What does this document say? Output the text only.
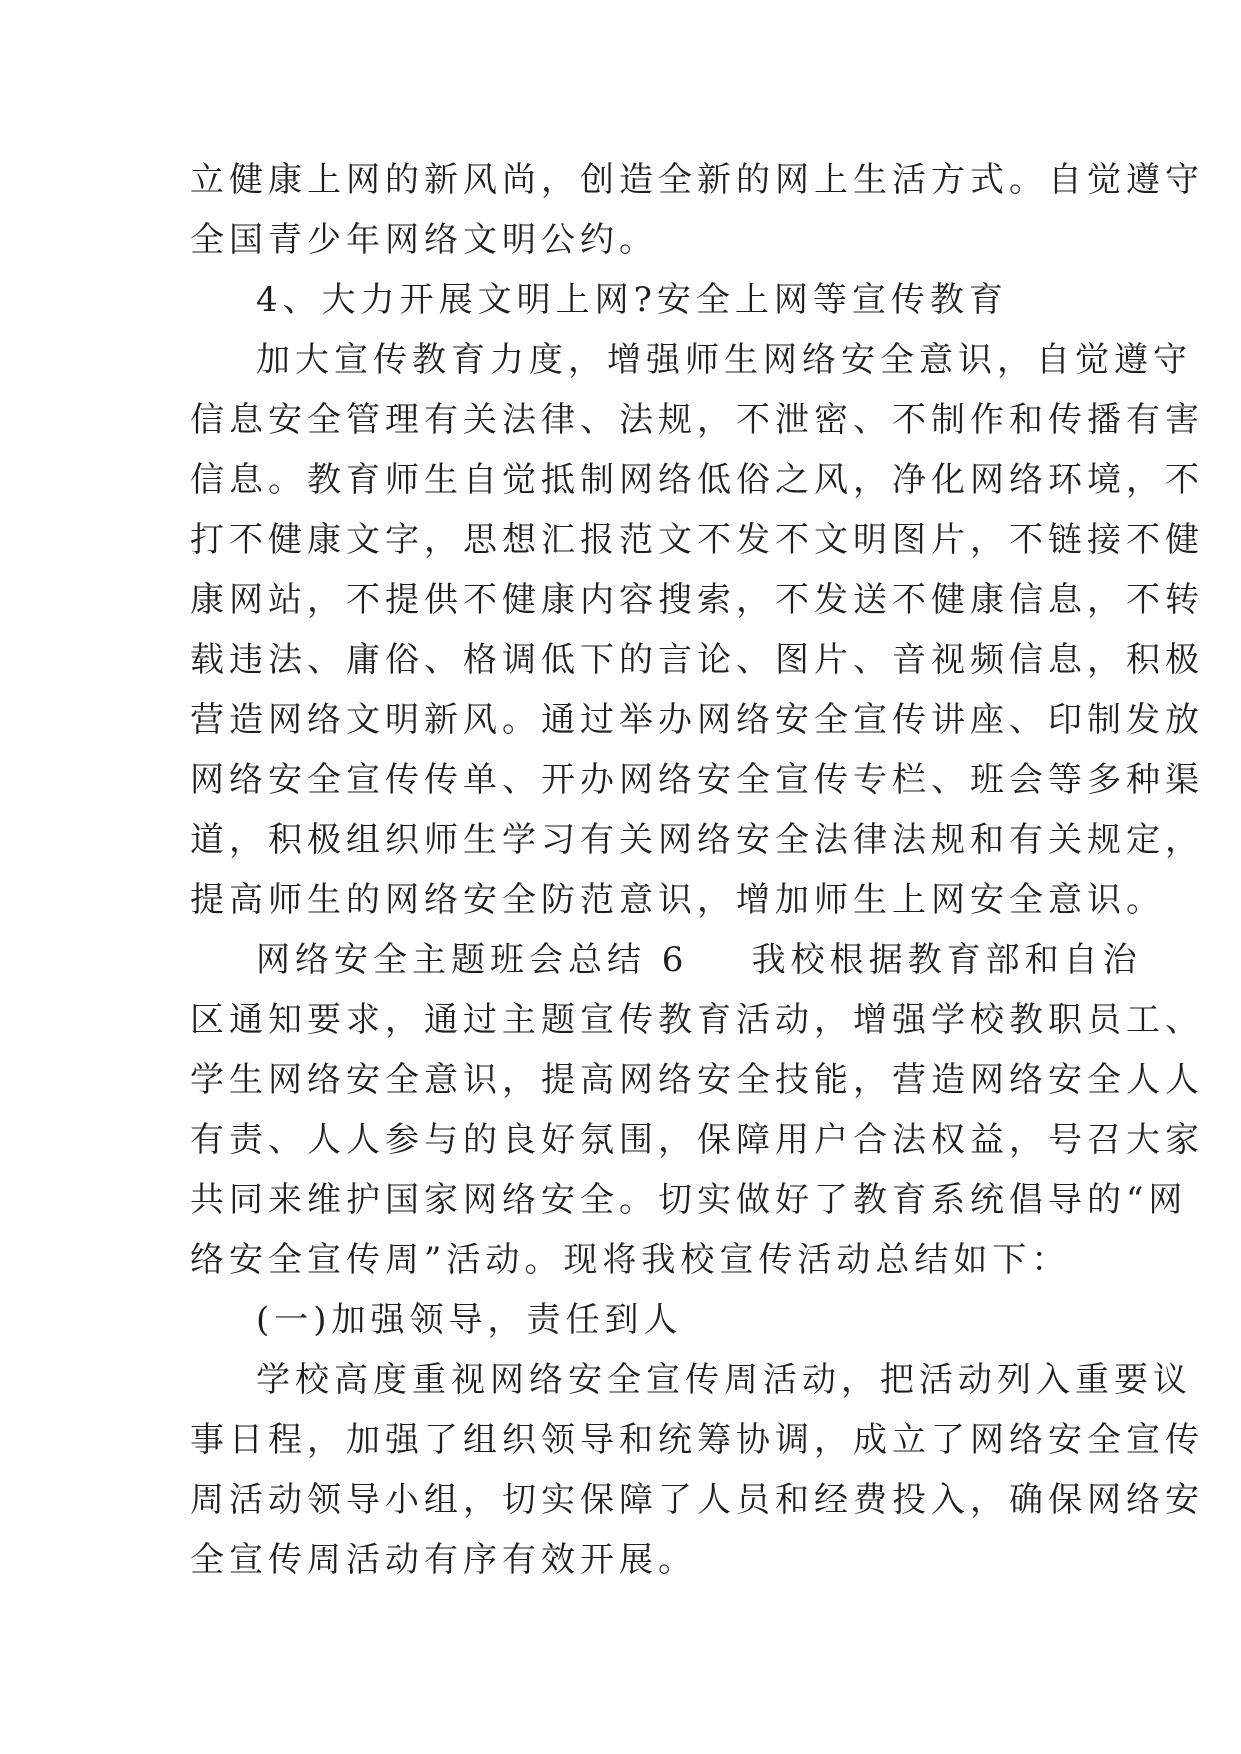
立健康上网的新风尚，创造全新的网上生活方式。自觉遵守
全国青少年网络文明公约。
4、大力开展文明上网?安全上网等宣传教育
加大宣传教育力度，增强师生网络安全意识，自觉遵守
信息安全管理有关法律、法规，不泄密、不制作和传播有害
信息。教育师生自觉抵制网络低俗之风，净化网络环境，不
打不健康文字，思想汇报范文不发不文明图片，不链接不健
康网站，不提供不健康内容搜索，不发送不健康信息，不转
载违法、庸俗、格调低下的言论、图片、音视频信息，积极
营造网络文明新风。通过举办网络安全宣传讲座、印制发放
网络安全宣传传单、开办网络安全宣传专栏、班会等多种渠
道，积极组织师生学习有关网络安全法律法规和有关规定，
提高师生的网络安全防范意识，增加师生上网安全意识。
网络安全主题班会总结 6    我校根据教育部和自治
区通知要求，通过主题宣传教育活动，增强学校教职员工、
学生网络安全意识，提高网络安全技能，营造网络安全人人
有责、人人参与的良好氛围，保障用户合法权益，号召大家
共同来维护国家网络安全。切实做好了教育系统倡导的“网
络安全宣传周”活动。现将我校宣传活动总结如下：
(一)加强领导，责任到人
学校高度重视网络安全宣传周活动，把活动列入重要议
事日程，加强了组织领导和统筹协调，成立了网络安全宣传
周活动领导小组，切实保障了人员和经费投入，确保网络安
全宣传周活动有序有效开展。
